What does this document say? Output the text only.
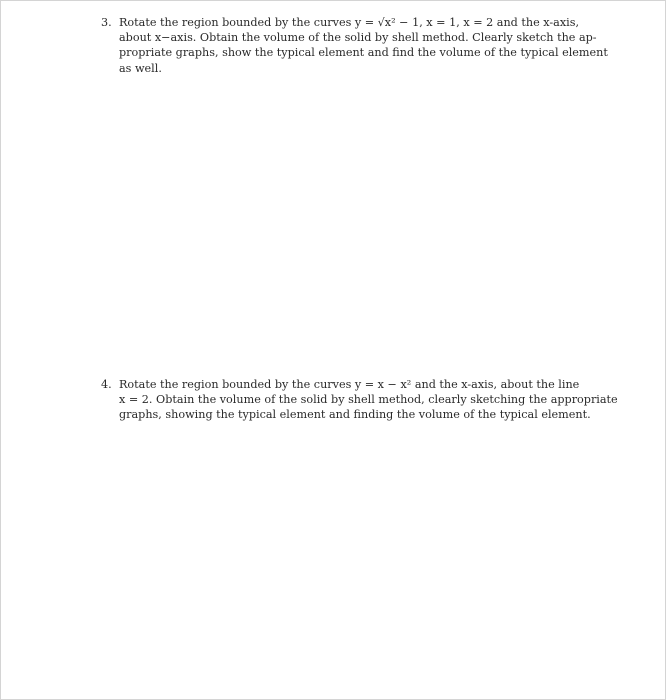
3. Rotate the region bounded by the curves y = √x² − 1, x = 1, x = 2 and the x-axis,
about x−axis. Obtain the volume of the solid by shell method. Clearly sketch the ap-
propriate graphs, show the typical element and find the volume of the typical element
as well.
4. Rotate the region bounded by the curves y = x − x² and the x-axis, about the line
x = 2. Obtain the volume of the solid by shell method, clearly sketching the appropriate
graphs, showing the typical element and finding the volume of the typical element.
